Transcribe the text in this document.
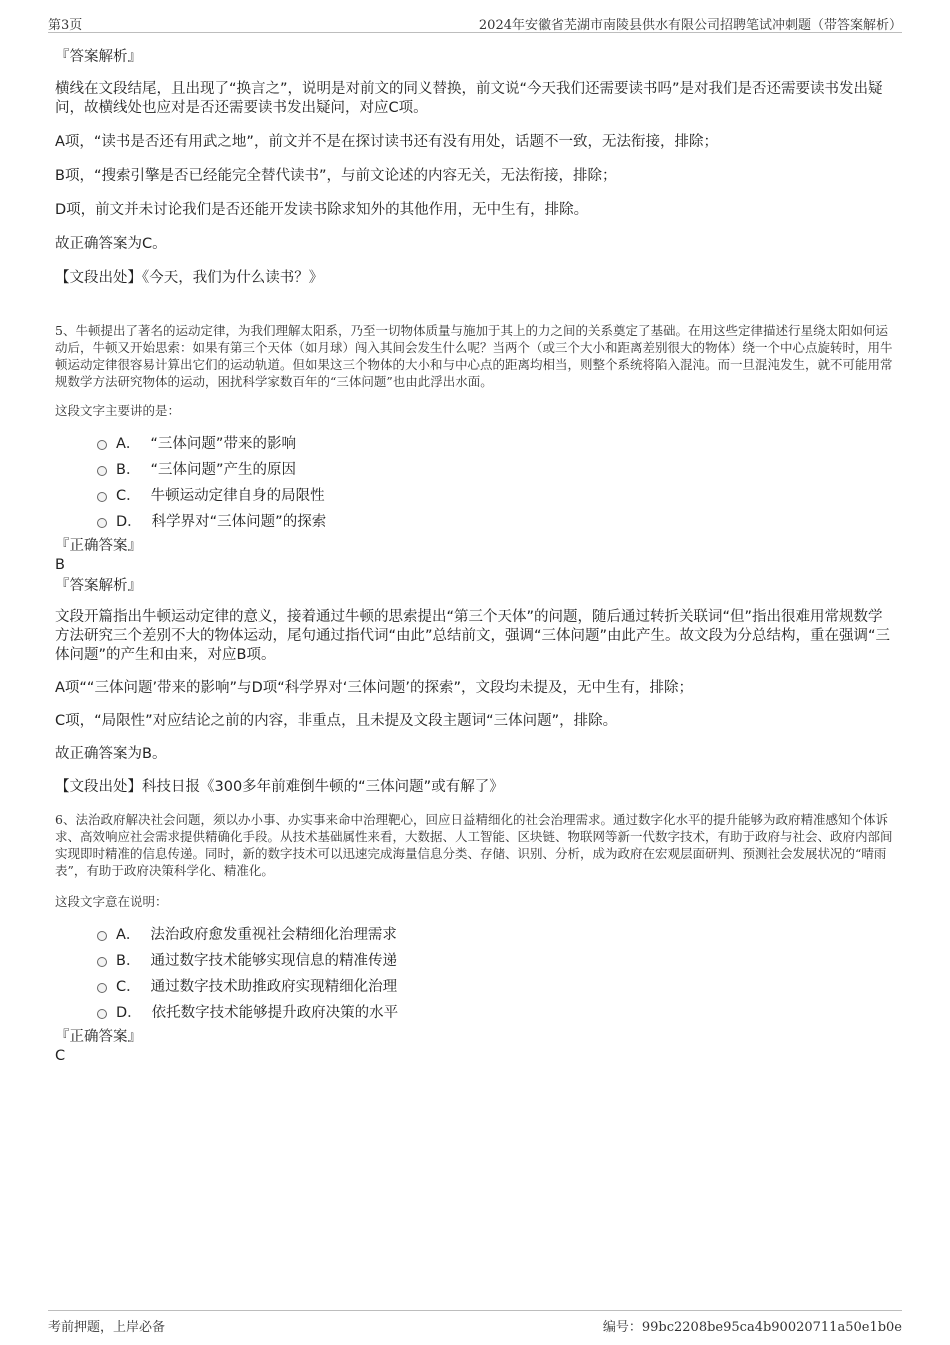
第3页	2024年安徽省芜湖市南陵县供水有限公司招聘笔试冲刺题（带答案解析）

『答案解析』

横线在文段结尾，且出现了“换言之”，说明是对前文的同义替换，前文说“今天我们还需要读书吗”是对我们是否还需要读书发出疑问，故横线处也应对是否还需要读书发出疑问，对应C项。

A项，“读书是否还有用武之地”，前文并不是在探讨读书还有没有用处，话题不一致，无法衔接，排除；

B项，“搜索引擎是否已经能完全替代读书”，与前文论述的内容无关，无法衔接，排除；

D项，前文并未讨论我们是否还能开发读书除求知外的其他作用，无中生有，排除。

故正确答案为C。

【文段出处】《今天，我们为什么读书？》

5、牛顿提出了著名的运动定律，为我们理解太阳系，乃至一切物体质量与施加于其上的力之间的关系奠定了基础。在用这些定律描述行星绕太阳如何运动后，牛顿又开始思索：如果有第三个天体（如月球）闯入其间会发生什么呢？当两个（或三个大小和距离差别很大的物体）绕一个中心点旋转时，用牛顿运动定律很容易计算出它们的运动轨道。但如果这三个物体的大小和与中心点的距离均相当，则整个系统将陷入混沌。而一旦混沌发生，就不可能用常规数学方法研究物体的运动，困扰科学家数百年的“三体问题”也由此浮出水面。

这段文字主要讲的是：

A． “三体问题”带来的影响
B． “三体问题”产生的原因
C． 牛顿运动定律自身的局限性
D． 科学界对“三体问题”的探索

『正确答案』

B

『答案解析』

文段开篇指出牛顿运动定律的意义，接着通过牛顿的思索提出“第三个天体”的问题，随后通过转折关联词“但”指出很难用常规数学方法研究三个差别不大的物体运动，尾句通过指代词“由此”总结前文，强调“三体问题”由此产生。故文段为分总结构，重在强调“三体问题”的产生和由来，对应B项。

A项““三体问题’带来的影响”与D项“科学界对‘三体问题’的探索”，文段均未提及，无中生有，排除；

C项，“局限性”对应结论之前的内容，非重点，且未提及文段主题词“三体问题”，排除。

故正确答案为B。

【文段出处】科技日报《300多年前难倒牛顿的“三体问题”或有解了》

6、法治政府解决社会问题，须以办小事、办实事来命中治理靶心，回应日益精细化的社会治理需求。通过数字化水平的提升能够为政府精准感知个体诉求、高效响应社会需求提供精确化手段。从技术基础属性来看，大数据、人工智能、区块链、物联网等新一代数字技术，有助于政府与社会、政府内部间实现即时精准的信息传递。同时，新的数字技术可以迅速完成海量信息分类、存储、识别、分析，成为政府在宏观层面研判、预测社会发展状况的“晴雨表”，有助于政府决策科学化、精准化。

这段文字意在说明：

A． 法治政府愈发重视社会精细化治理需求
B． 通过数字技术能够实现信息的精准传递
C． 通过数字技术助推政府实现精细化治理
D． 依托数字技术能够提升政府决策的水平

『正确答案』

C

考前押题，上岸必备	编号：99bc2208be95ca4b90020711a50e1b0e
